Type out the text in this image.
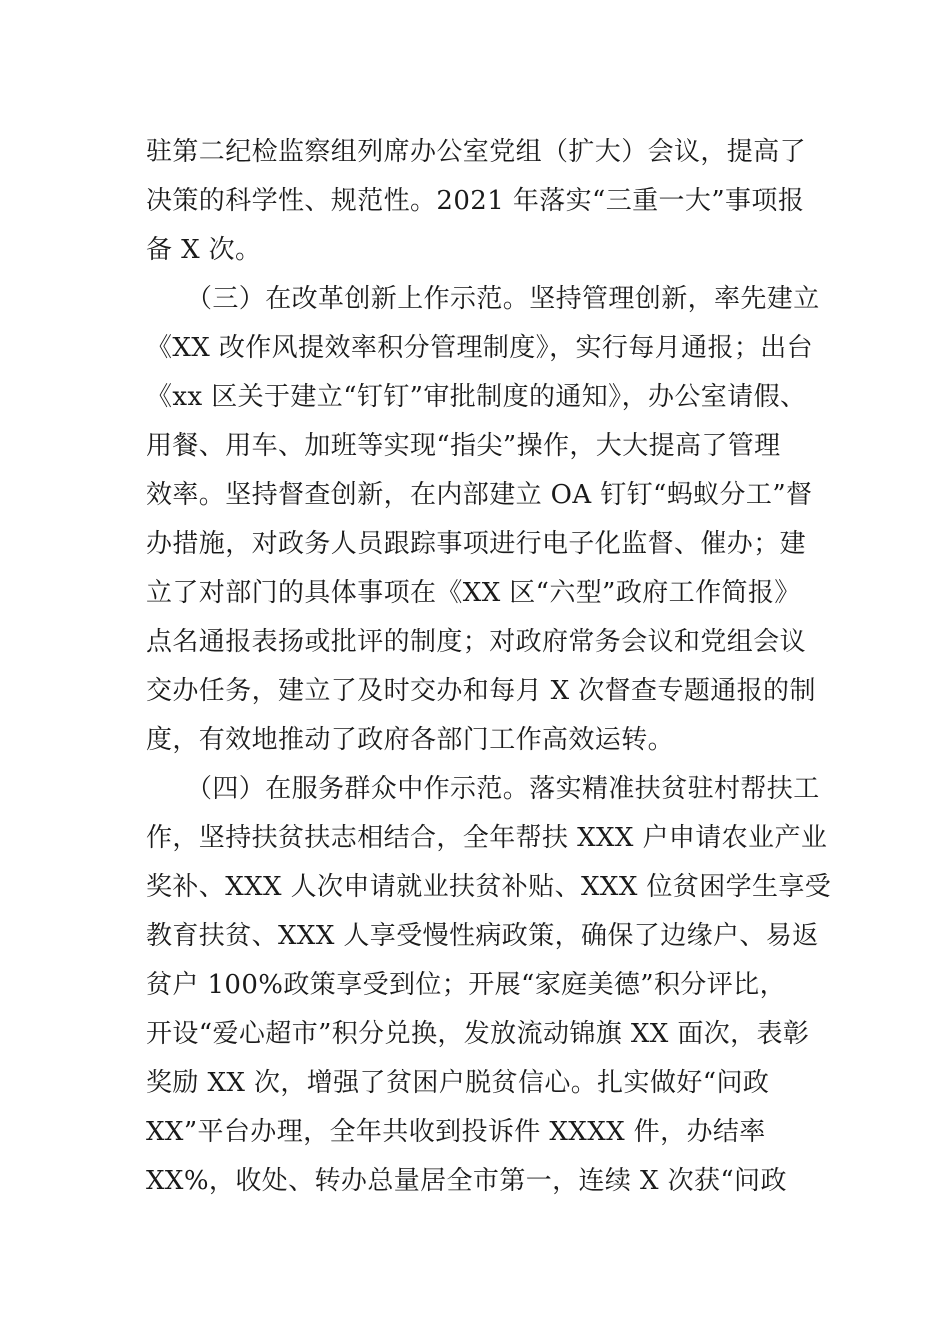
驻第二纪检监察组列席办公室党组（扩大）会议，提高了
决策的科学性、规范性。2021 年落实“三重一大”事项报
备 X 次。
（三）在改革创新上作示范。坚持管理创新，率先建立
《XX 改作风提效率积分管理制度》，实行每月通报；出台
《xx 区关于建立“钉钉”审批制度的通知》，办公室请假、
用餐、用车、加班等实现“指尖”操作，大大提高了管理
效率。坚持督查创新，在内部建立 OA 钉钉“蚂蚁分工”督
办措施，对政务人员跟踪事项进行电子化监督、催办；建
立了对部门的具体事项在《XX 区“六型”政府工作简报》
点名通报表扬或批评的制度；对政府常务会议和党组会议
交办任务，建立了及时交办和每月 X 次督查专题通报的制
度，有效地推动了政府各部门工作高效运转。
（四）在服务群众中作示范。落实精准扶贫驻村帮扶工
作，坚持扶贫扶志相结合，全年帮扶 XXX 户申请农业产业
奖补、XXX 人次申请就业扶贫补贴、XXX 位贫困学生享受
教育扶贫、XXX 人享受慢性病政策，确保了边缘户、易返
贫户 100%政策享受到位；开展“家庭美德”积分评比，
开设“爱心超市”积分兑换，发放流动锦旗 XX 面次，表彰
奖励 XX 次，增强了贫困户脱贫信心。扎实做好“问政
XX”平台办理，全年共收到投诉件 XXXX 件，办结率
XX%，收处、转办总量居全市第一，连续 X 次获“问政
